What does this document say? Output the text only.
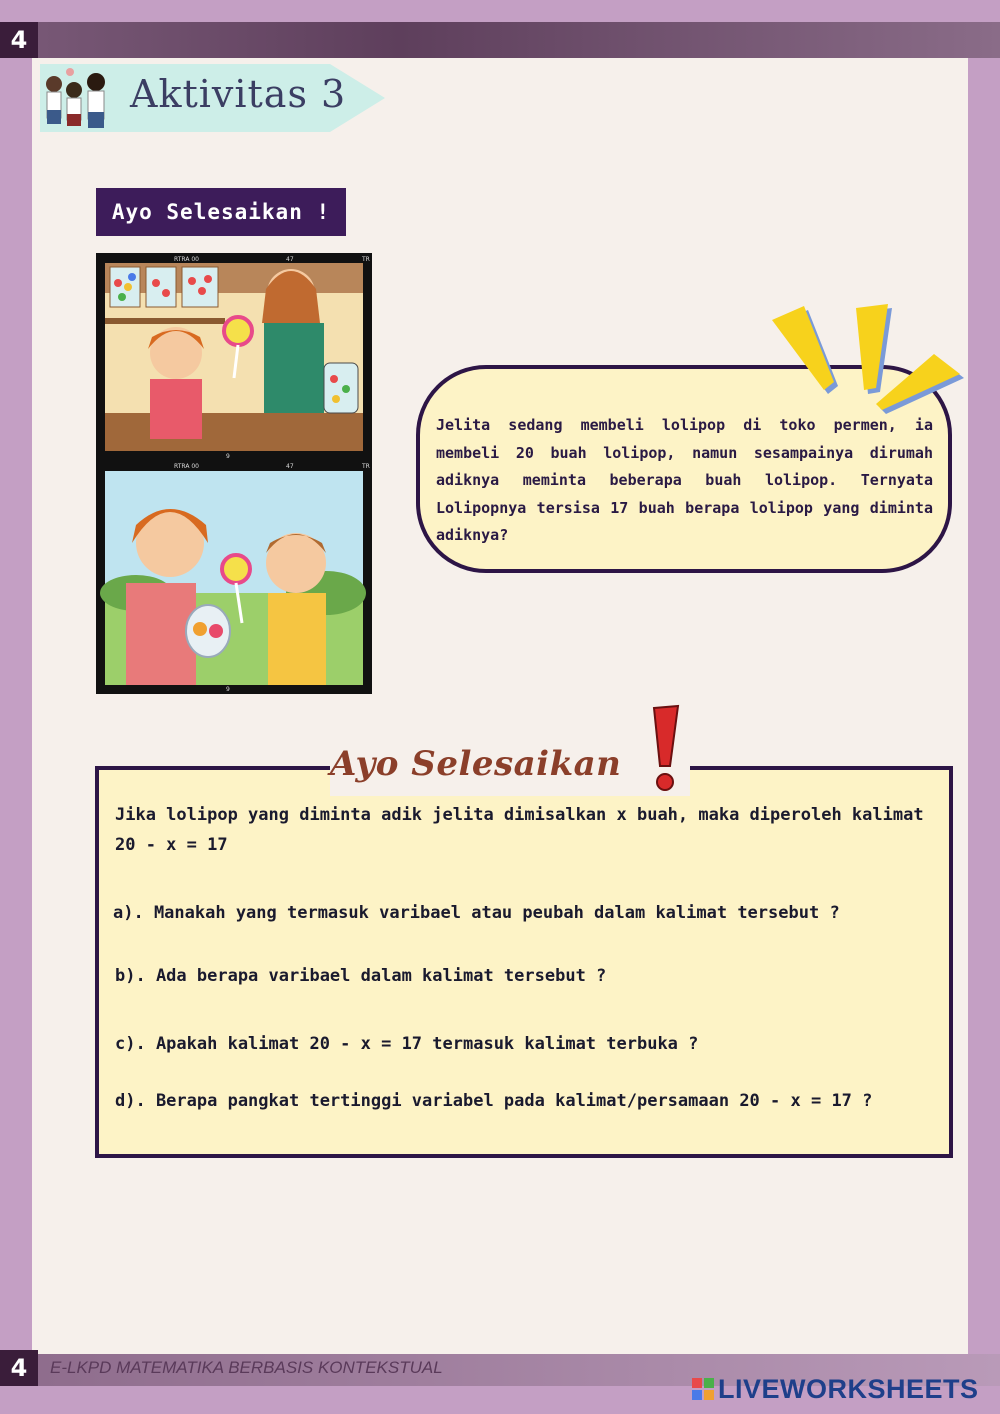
4
Aktivitas 3
Ayo Selesaikan !
RTRA 00	47	TR
9
RTRA 00	47	TR
9
Jelita sedang membeli lolipop di toko permen, ia membeli 20 buah lolipop, namun sesampainya dirumah adiknya meminta beberapa buah lolipop. Ternyata Lolipopnya tersisa 17 buah berapa lolipop yang diminta adiknya?
Ayo Selesaikan
Jika lolipop yang diminta adik jelita dimisalkan x buah, maka diperoleh kalimat
20 - x = 17
a). Manakah yang termasuk varibael atau peubah dalam kalimat tersebut ?
b). Ada berapa varibael dalam kalimat tersebut ?
c). Apakah kalimat 20 - x = 17 termasuk kalimat terbuka ?
d). Berapa pangkat tertinggi variabel pada kalimat/persamaan 20 - x = 17 ?
4	E-LKPD MATEMATIKA BERBASIS KONTEKSTUAL
LIVEWORKSHEETS
